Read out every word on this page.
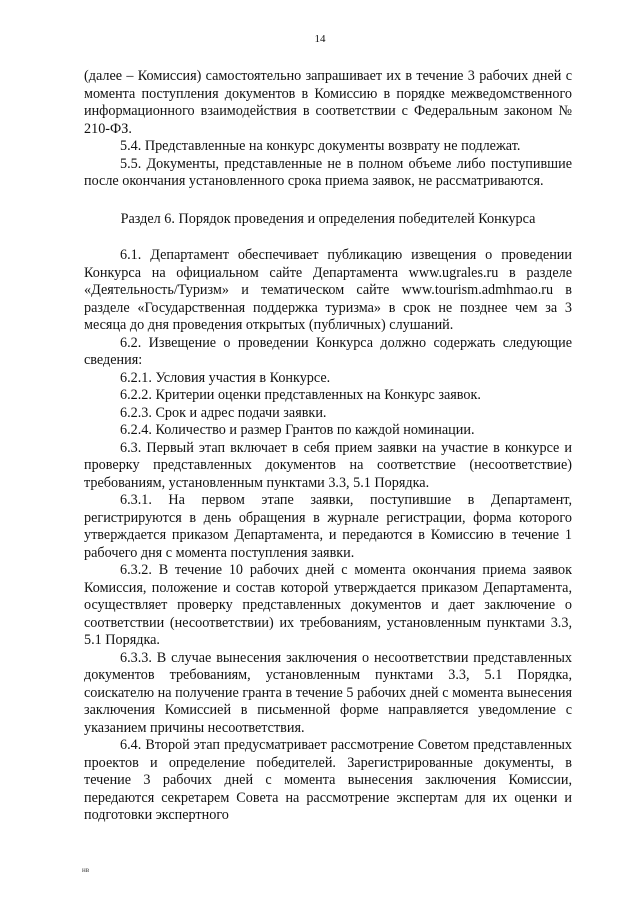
14

(далее – Комиссия) самостоятельно запрашивает их в течение 3 рабочих дней с момента поступления документов в Комиссию в порядке межведомственного информационного взаимодействия в соответствии с Федеральным законом № 210-ФЗ.

5.4. Представленные на конкурс документы возврату не подлежат.

5.5. Документы, представленные не в полном объеме либо поступившие после окончания установленного срока приема заявок, не рассматриваются.

Раздел 6. Порядок проведения и определения победителей Конкурса

6.1. Департамент обеспечивает публикацию извещения о проведении Конкурса на официальном сайте Департамента www.ugrales.ru в разделе «Деятельность/Туризм» и тематическом сайте www.tourism.admhmao.ru в разделе «Государственная поддержка туризма» в срок не позднее чем за 3 месяца до дня проведения открытых (публичных) слушаний.

6.2. Извещение о проведении Конкурса должно содержать следующие сведения:

6.2.1. Условия участия в Конкурсе.

6.2.2. Критерии оценки представленных на Конкурс заявок.

6.2.3. Срок и адрес подачи заявки.

6.2.4. Количество и размер Грантов по каждой номинации.

6.3. Первый этап включает в себя прием заявки на участие в конкурсе и проверку представленных документов на соответствие (несоответствие) требованиям, установленным пунктами 3.3, 5.1 Порядка.

6.3.1. На первом этапе заявки, поступившие в Департамент, регистрируются в день обращения в журнале регистрации, форма которого утверждается приказом Департамента, и передаются в Комиссию в течение 1 рабочего дня с момента поступления заявки.

6.3.2. В течение 10 рабочих дней с момента окончания приема заявок Комиссия, положение и состав которой утверждается приказом Департамента, осуществляет проверку представленных документов и дает заключение о соответствии (несоответствии) их требованиям, установленным пунктами 3.3, 5.1 Порядка.

6.3.3. В случае вынесения заключения о несоответствии представленных документов требованиям, установленным пунктами 3.3, 5.1 Порядка, соискателю на получение гранта в течение 5 рабочих дней с момента вынесения заключения Комиссией в письменной форме направляется уведомление с указанием причины несоответствия.

6.4. Второй этап предусматривает рассмотрение Советом представленных проектов и определение победителей. Зарегистрированные документы, в течение 3 рабочих дней с момента вынесения заключения Комиссии, передаются секретарем Совета на рассмотрение экспертам для их оценки и подготовки экспертного

нв
